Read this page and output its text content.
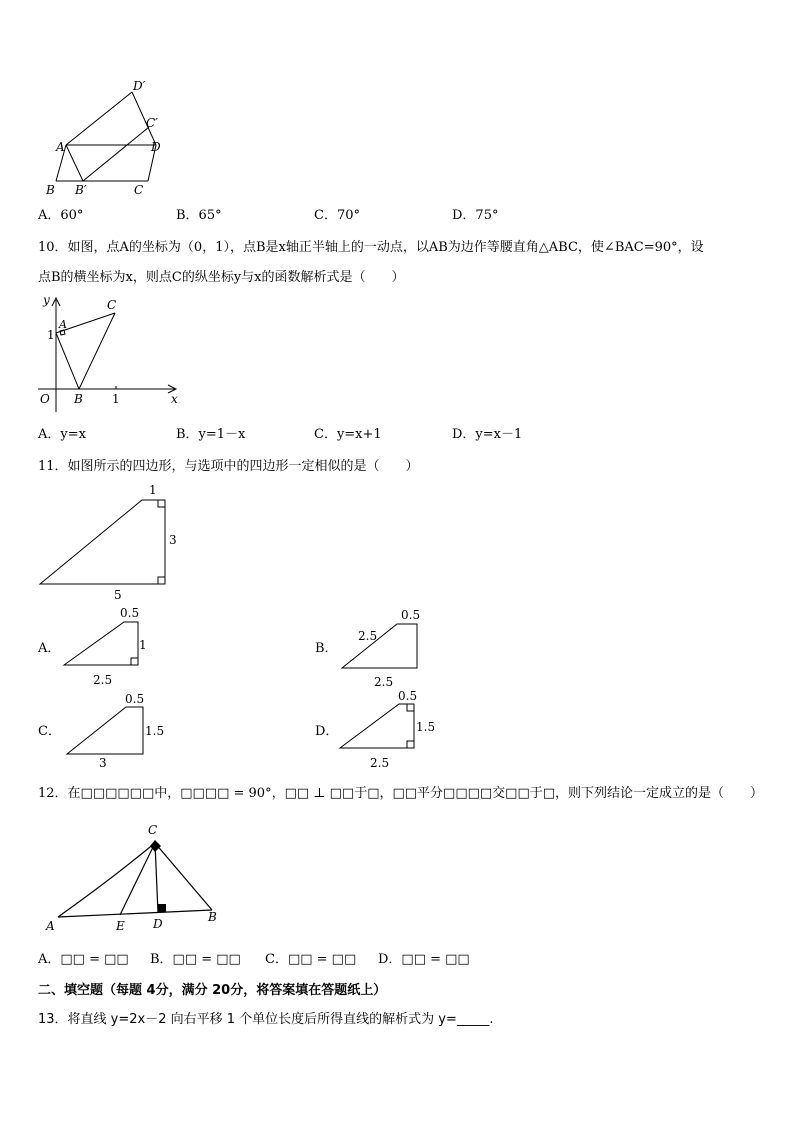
D′
C′
A	D
B B′	C
A．60°	B．65°	C．70°	D．75°
10．如图，点A的坐标为（0，1），点B是x轴正半轴上的一动点，以AB为边作等腰直角△ABC，使∠BAC=90°，设
点B的横坐标为x，则点C的纵坐标y与x的函数解析式是（　　）
y	C
A
1
O B 1	x
A．y=x	B．y=1－x	C．y=x+1	D．y=x－1
11．如图所示的四边形，与选项中的四边形一定相似的是（　　）
1
3
5
A．
0.5
1
2.5
B．
0.5
2.5
2.5
C．
0.5
1.5
3
D．
0.5
1.5
2.5
12．在□□□□□□中，□□□□ = 90°，□□ ⊥ □□于□，□□平分□□□□交□□于□，则下列结论一定成立的是（　　）
C
A	E D	B
A．□□ = □□ B．□□ = □□ C．□□ = □□ D．□□ = □□
二、填空题（每题 4分，满分 20分，将答案填在答题纸上）
13．将直线 y=2x－2 向右平移 1 个单位长度后所得直线的解析式为 y=_____.
